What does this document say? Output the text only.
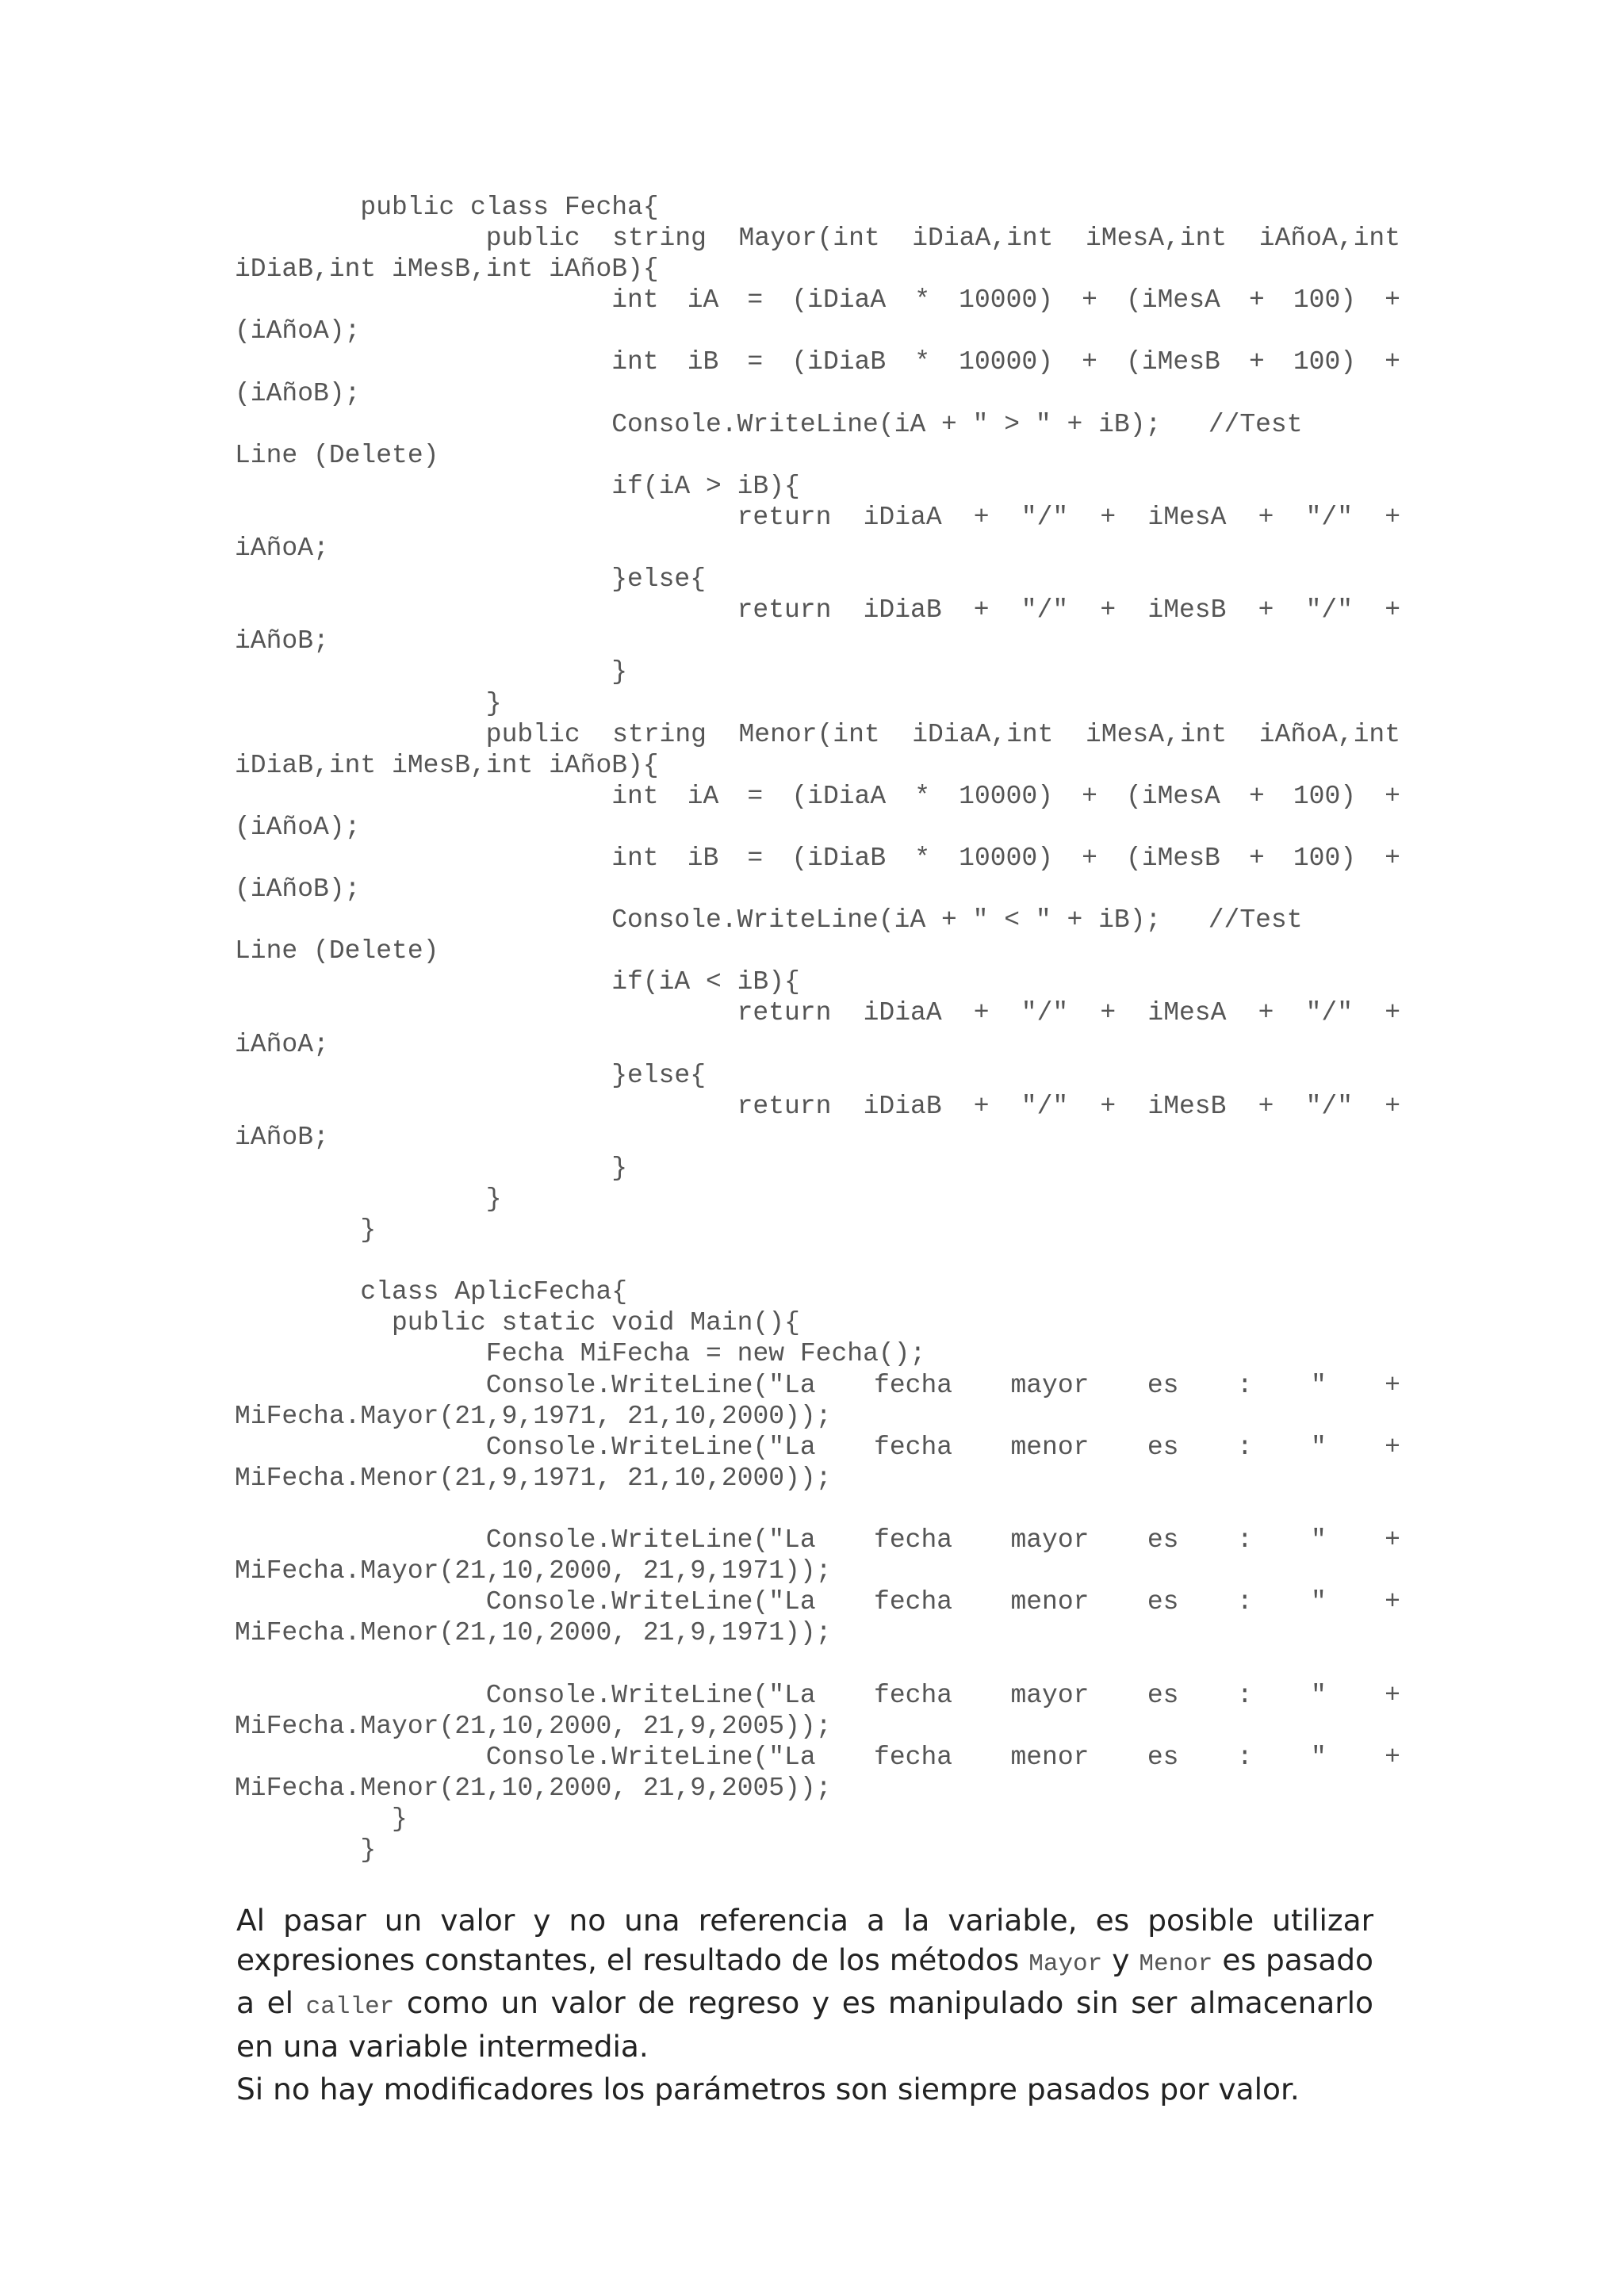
public class Fecha{
public string Mayor(int iDiaA,int iMesA,int iAñoA,int
iDiaB,int iMesB,int iAñoB){
int iA = (iDiaA * 10000) + (iMesA + 100) +
(iAñoA);
int iB = (iDiaB * 10000) + (iMesB + 100) +
(iAñoB);
Console.WriteLine(iA + " > " + iB);   //Test
Line (Delete)
if(iA > iB){
return iDiaA + "/" + iMesA + "/" +
iAñoA;
}else{
return iDiaB + "/" + iMesB + "/" +
iAñoB;
}
}
public string Menor(int iDiaA,int iMesA,int iAñoA,int
iDiaB,int iMesB,int iAñoB){
int iA = (iDiaA * 10000) + (iMesA + 100) +
(iAñoA);
int iB = (iDiaB * 10000) + (iMesB + 100) +
(iAñoB);
Console.WriteLine(iA + " < " + iB);   //Test
Line (Delete)
if(iA < iB){
return iDiaA + "/" + iMesA + "/" +
iAñoA;
}else{
return iDiaB + "/" + iMesB + "/" +
iAñoB;
}
}
}

class AplicFecha{
public static void Main(){
Fecha MiFecha = new Fecha();
Console.WriteLine("La fecha mayor es : " +
MiFecha.Mayor(21,9,1971, 21,10,2000));
Console.WriteLine("La fecha menor es : " +
MiFecha.Menor(21,9,1971, 21,10,2000));

Console.WriteLine("La fecha mayor es : " +
MiFecha.Mayor(21,10,2000, 21,9,1971));
Console.WriteLine("La fecha menor es : " +
MiFecha.Menor(21,10,2000, 21,9,1971));

Console.WriteLine("La fecha mayor es : " +
MiFecha.Mayor(21,10,2000, 21,9,2005));
Console.WriteLine("La fecha menor es : " +
MiFecha.Menor(21,10,2000, 21,9,2005));
}
}

Al pasar un valor y no una referencia a la variable, es posible utilizar expresiones constantes, el resultado de los métodos Mayor y Menor es pasado a el caller como un valor de regreso y es manipulado sin ser almacenarlo en una variable intermedia.

Si no hay modificadores los parámetros son siempre pasados por valor.
